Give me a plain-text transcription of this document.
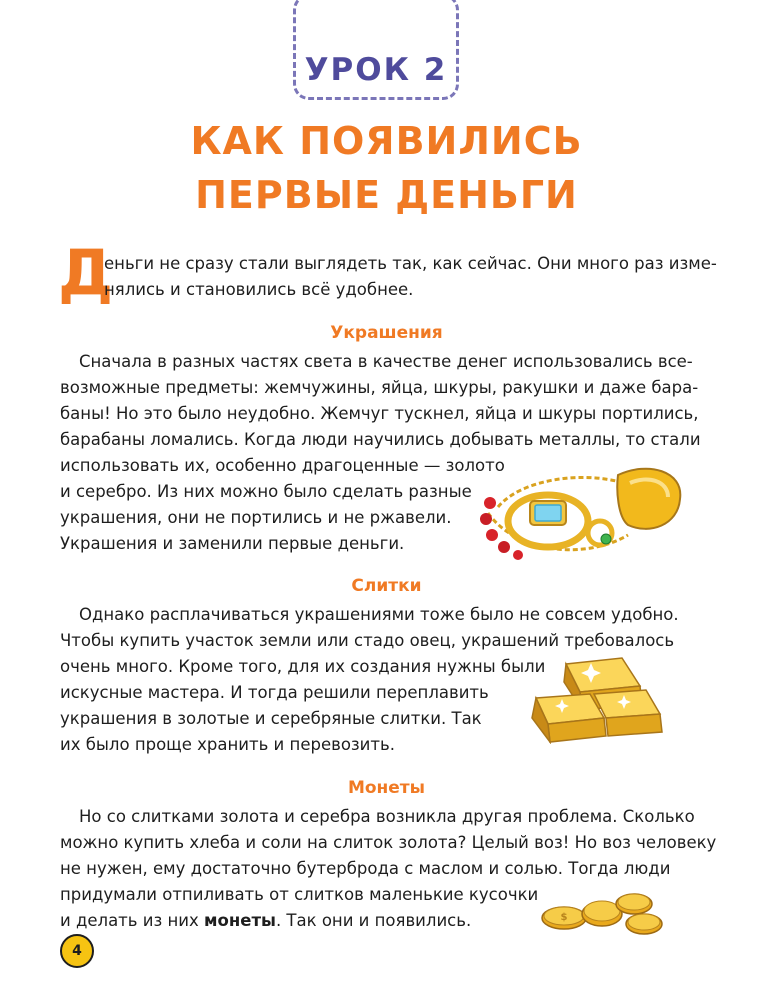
УРОК 2
КАК ПОЯВИЛИСЬ
ПЕРВЫЕ ДЕНЬГИ
Д
еньги не сразу стали выглядеть так, как сейчас. Они много раз изме-
нялись и становились всё удобнее.
Украшения
Сначала в разных частях света в качестве денег использовались все-
возможные предметы: жемчужины, яйца, шкуры, ракушки и даже бара-
баны! Но это было неудобно. Жемчуг тускнел, яйца и шкуры портились,
барабаны ломались. Когда люди научились добывать металлы, то стали
использовать их, особенно драгоценные — золото
и серебро. Из них можно было сделать разные
украшения, они не портились и не ржавели.
Украшения и заменили первые деньги.
Слитки
Однако расплачиваться украшениями тоже было не совсем удобно.
Чтобы купить участок земли или стадо овец, украшений требовалось
очень много. Кроме того, для их создания нужны были
искусные мастера. И тогда решили переплавить
украшения в золотые и серебряные слитки. Так
их было проще хранить и перевозить.
Монеты
Но со слитками золота и серебра возникла другая проблема. Сколько
можно купить хлеба и соли на слиток золота? Целый воз! Но воз человеку
не нужен, ему достаточно бутерброда с маслом и солью. Тогда люди
придумали отпиливать от слитков маленькие кусочки
и делать из них монеты. Так они и появились.	$
4
